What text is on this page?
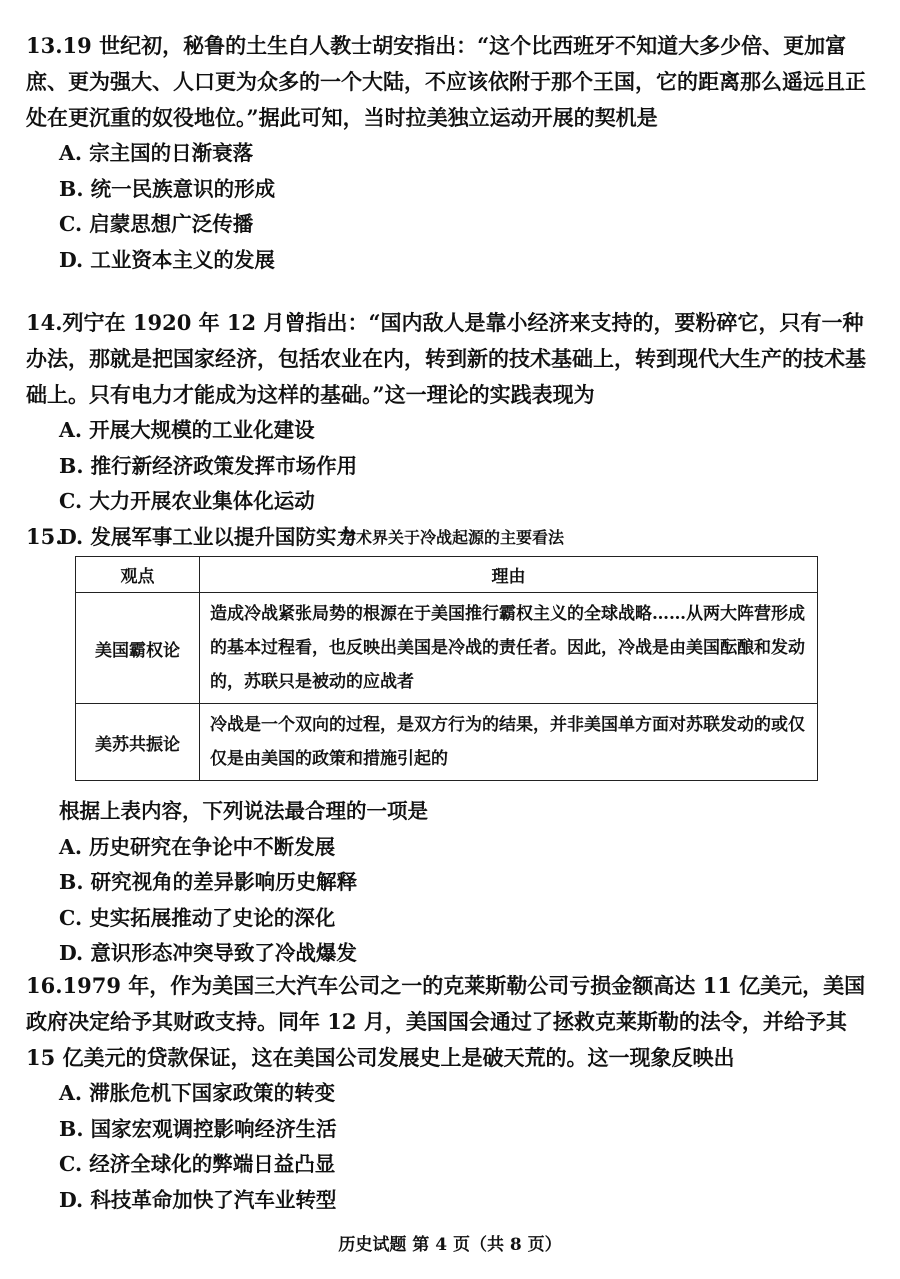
13.19 世纪初，秘鲁的土生白人教士胡安指出：“这个比西班牙不知道大多少倍、更加富庶、更为强大、人口更为众多的一个大陆，不应该依附于那个王国，它的距离那么遥远且正处在更沉重的奴役地位。”据此可知，当时拉美独立运动开展的契机是

A. 宗主国的日渐衰落

B. 统一民族意识的形成

C. 启蒙思想广泛传播

D. 工业资本主义的发展

14.列宁在 1920 年 12 月曾指出：“国内敌人是靠小经济来支持的，要粉碎它，只有一种办法，那就是把国家经济，包括农业在内，转到新的技术基础上，转到现代大生产的技术基础上。只有电力才能成为这样的基础。”这一理论的实践表现为

A. 开展大规模的工业化建设

B. 推行新经济政策发挥市场作用

C. 大力开展农业集体化运动

D. 发展军事工业以提升国防实力

15.	学术界关于冷战起源的主要看法
观点	理由
美国霸权论	造成冷战紧张局势的根源在于美国推行霸权主义的全球战略……从两大阵营形成的基本过程看，也反映出美国是冷战的责任者。因此，冷战是由美国酝酿和发动的，苏联只是被动的应战者
美苏共振论	冷战是一个双向的过程，是双方行为的结果，并非美国单方面对苏联发动的或仅仅是由美国的政策和措施引起的

根据上表内容，下列说法最合理的一项是

A. 历史研究在争论中不断发展

B. 研究视角的差异影响历史解释

C. 史实拓展推动了史论的深化

D. 意识形态冲突导致了冷战爆发

16.1979 年，作为美国三大汽车公司之一的克莱斯勒公司亏损金额高达 11 亿美元，美国政府决定给予其财政支持。同年 12 月，美国国会通过了拯救克莱斯勒的法令，并给予其 15 亿美元的贷款保证，这在美国公司发展史上是破天荒的。这一现象反映出

A. 滞胀危机下国家政策的转变

B. 国家宏观调控影响经济生活

C. 经济全球化的弊端日益凸显

D. 科技革命加快了汽车业转型

历史试题 第 4 页（共 8 页）
